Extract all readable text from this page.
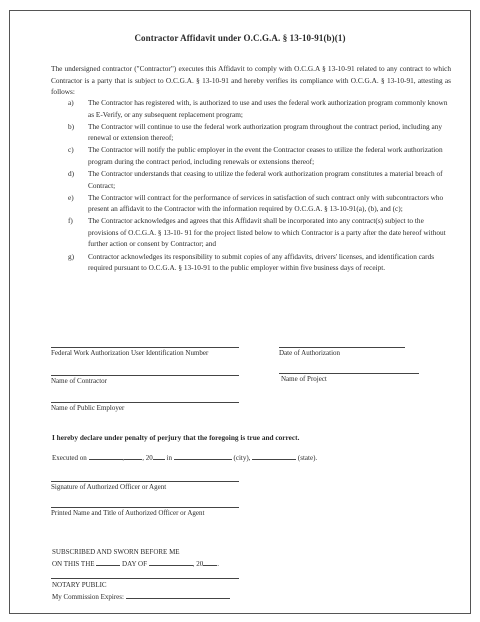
Contractor Affidavit under O.C.G.A. § 13-10-91(b)(1)
The undersigned contractor ("Contractor") executes this Affidavit to comply with O.C.G.A § 13-10-91 related to any contract to which Contractor is a party that is subject to O.C.G.A. § 13-10-91 and hereby verifies its compliance with O.C.G.A. § 13-10-91, attesting as follows:
a) The Contractor has registered with, is authorized to use and uses the federal work authorization program commonly known as E-Verify, or any subsequent replacement program;
b) The Contractor will continue to use the federal work authorization program throughout the contract period, including any renewal or extension thereof;
c) The Contractor will notify the public employer in the event the Contractor ceases to utilize the federal work authorization program during the contract period, including renewals or extensions thereof;
d) The Contractor understands that ceasing to utilize the federal work authorization program constitutes a material breach of Contract;
e) The Contractor will contract for the performance of services in satisfaction of such contract only with subcontractors who present an affidavit to the Contractor with the information required by O.C.G.A. § 13-10-91(a), (b), and (c);
f) The Contractor acknowledges and agrees that this Affidavit shall be incorporated into any contract(s) subject to the provisions of O.C.G.A. § 13-10- 91 for the project listed below to which Contractor is a party after the date hereof without further action or consent by Contractor; and
g) Contractor acknowledges its responsibility to submit copies of any affidavits, drivers' licenses, and identification cards required pursuant to O.C.G.A. § 13-10-91 to the public employer within five business days of receipt.
Federal Work Authorization User Identification Number	Date of Authorization
Name of Contractor	Name of Project
Name of Public Employer
I hereby declare under penalty of perjury that the foregoing is true and correct.
Executed on	,	, 20 in	(city),	(state).
Signature of Authorized Officer or Agent
Printed Name and Title of Authorized Officer or Agent
SUBSCRIBED AND SWORN BEFORE ME
ON THIS THE	DAY OF	, 20 .
NOTARY PUBLIC
My Commission Expires:
